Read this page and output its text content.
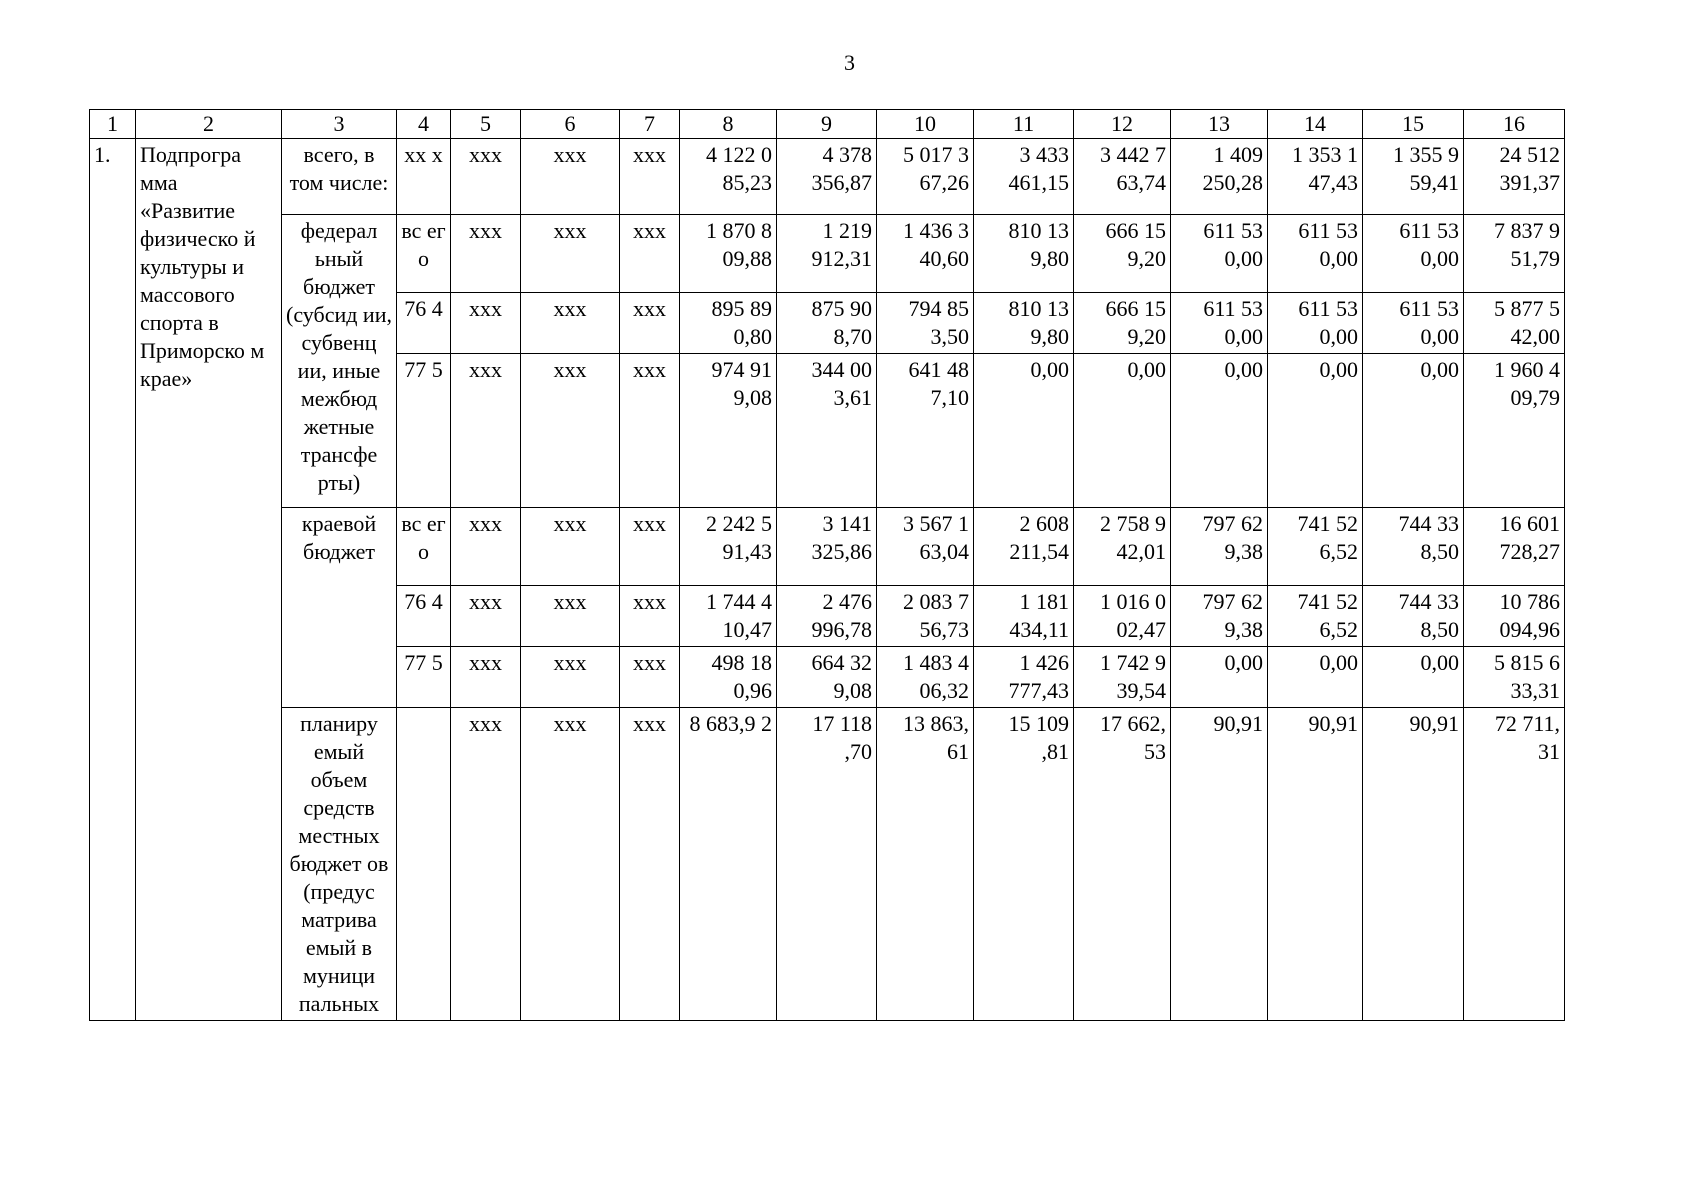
3
1	2	3	4	5	6	7	8	9	10	11	12	13	14	15	16
1.	Подпрогра мма «Развитие физическо й культуры и массового спорта в Приморско м крае»	всего, в том числе:	xx x	xxx	xxx	xxx	4 122 0 85,23	4 378 356,87	5 017 3 67,26	3 433 461,15	3 442 7 63,74	1 409 250,28	1 353 1 47,43	1 355 9 59,41	24 512 391,37
		федерал ьный бюджет (субсид ии, субвенц ии, иные межбюд жетные трансфе рты)	вс ег о	xxx	xxx	xxx	1 870 8 09,88	1 219 912,31	1 436 3 40,60	810 13 9,80	666 15 9,20	611 53 0,00	611 53 0,00	611 53 0,00	7 837 9 51,79
			76 4	xxx	xxx	xxx	895 89 0,80	875 90 8,70	794 85 3,50	810 13 9,80	666 15 9,20	611 53 0,00	611 53 0,00	611 53 0,00	5 877 5 42,00
			77 5	xxx	xxx	xxx	974 91 9,08	344 00 3,61	641 48 7,10	0,00	0,00	0,00	0,00	0,00	1 960 4 09,79
		краевой бюджет	вс ег о	xxx	xxx	xxx	2 242 5 91,43	3 141 325,86	3 567 1 63,04	2 608 211,54	2 758 9 42,01	797 62 9,38	741 52 6,52	744 33 8,50	16 601 728,27
			76 4	xxx	xxx	xxx	1 744 4 10,47	2 476 996,78	2 083 7 56,73	1 181 434,11	1 016 0 02,47	797 62 9,38	741 52 6,52	744 33 8,50	10 786 094,96
			77 5	xxx	xxx	xxx	498 18 0,96	664 32 9,08	1 483 4 06,32	1 426 777,43	1 742 9 39,54	0,00	0,00	0,00	5 815 6 33,31
		планиру емый объем средств местных бюджет ов (предус матрива емый в муници пальных		xxx	xxx	xxx	8 683,9 2	17 118 ,70	13 863, 61	15 109 ,81	17 662, 53	90,91	90,91	90,91	72 711, 31
